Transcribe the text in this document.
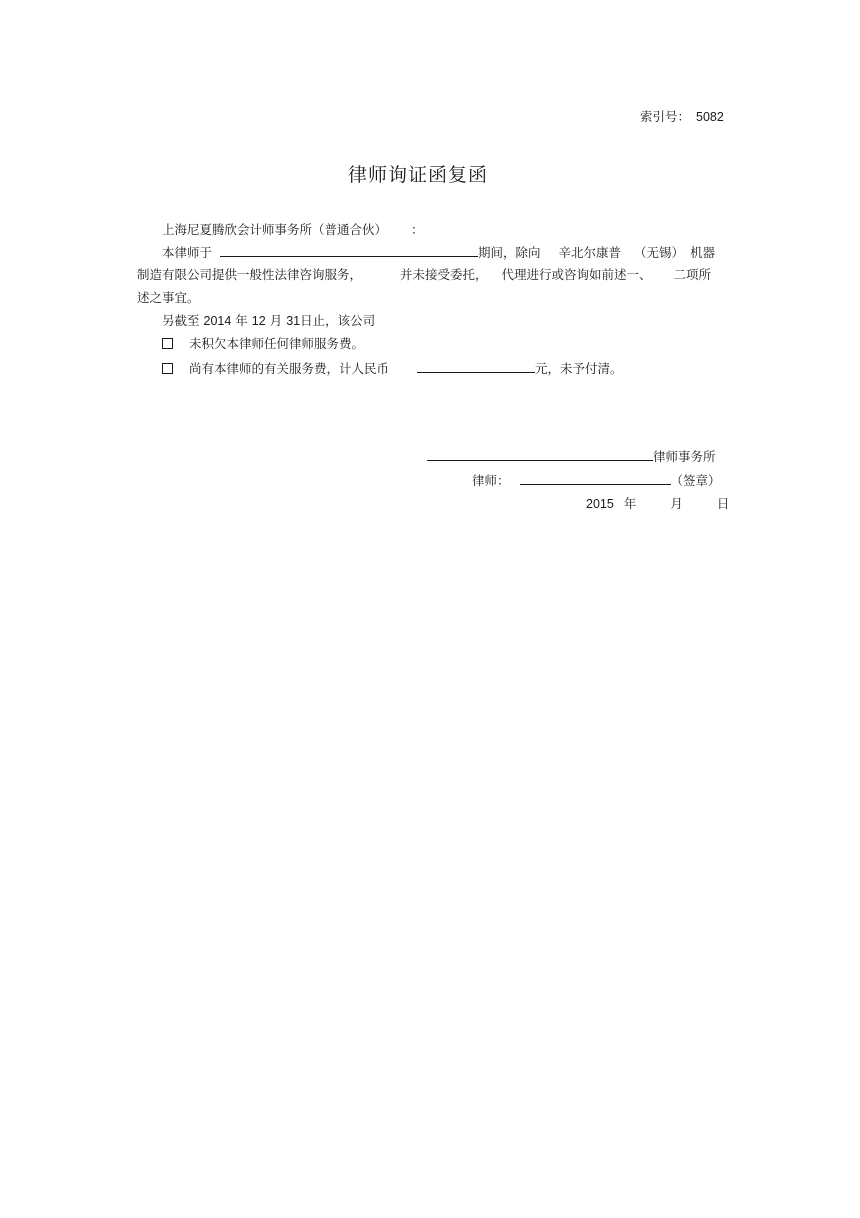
索引号： 5082
律师询证函复函
上海尼夏腾欣会计师事务所（普通合伙） ：
本律师于	期间，除向 辛北尔康普 （无锡） 机器
制造有限公司提供一般性法律咨询服务，	并未接受委托， 代理进行或咨询如前述一、 二项所
述之事宜。
另截至 2014 年 12 月 31日止，该公司
未积欠本律师任何律师服务费。
尚有本律师的有关服务费，计人民币	元，未予付清。
律师事务所
律师：	（签章）
2015 年	月	日
